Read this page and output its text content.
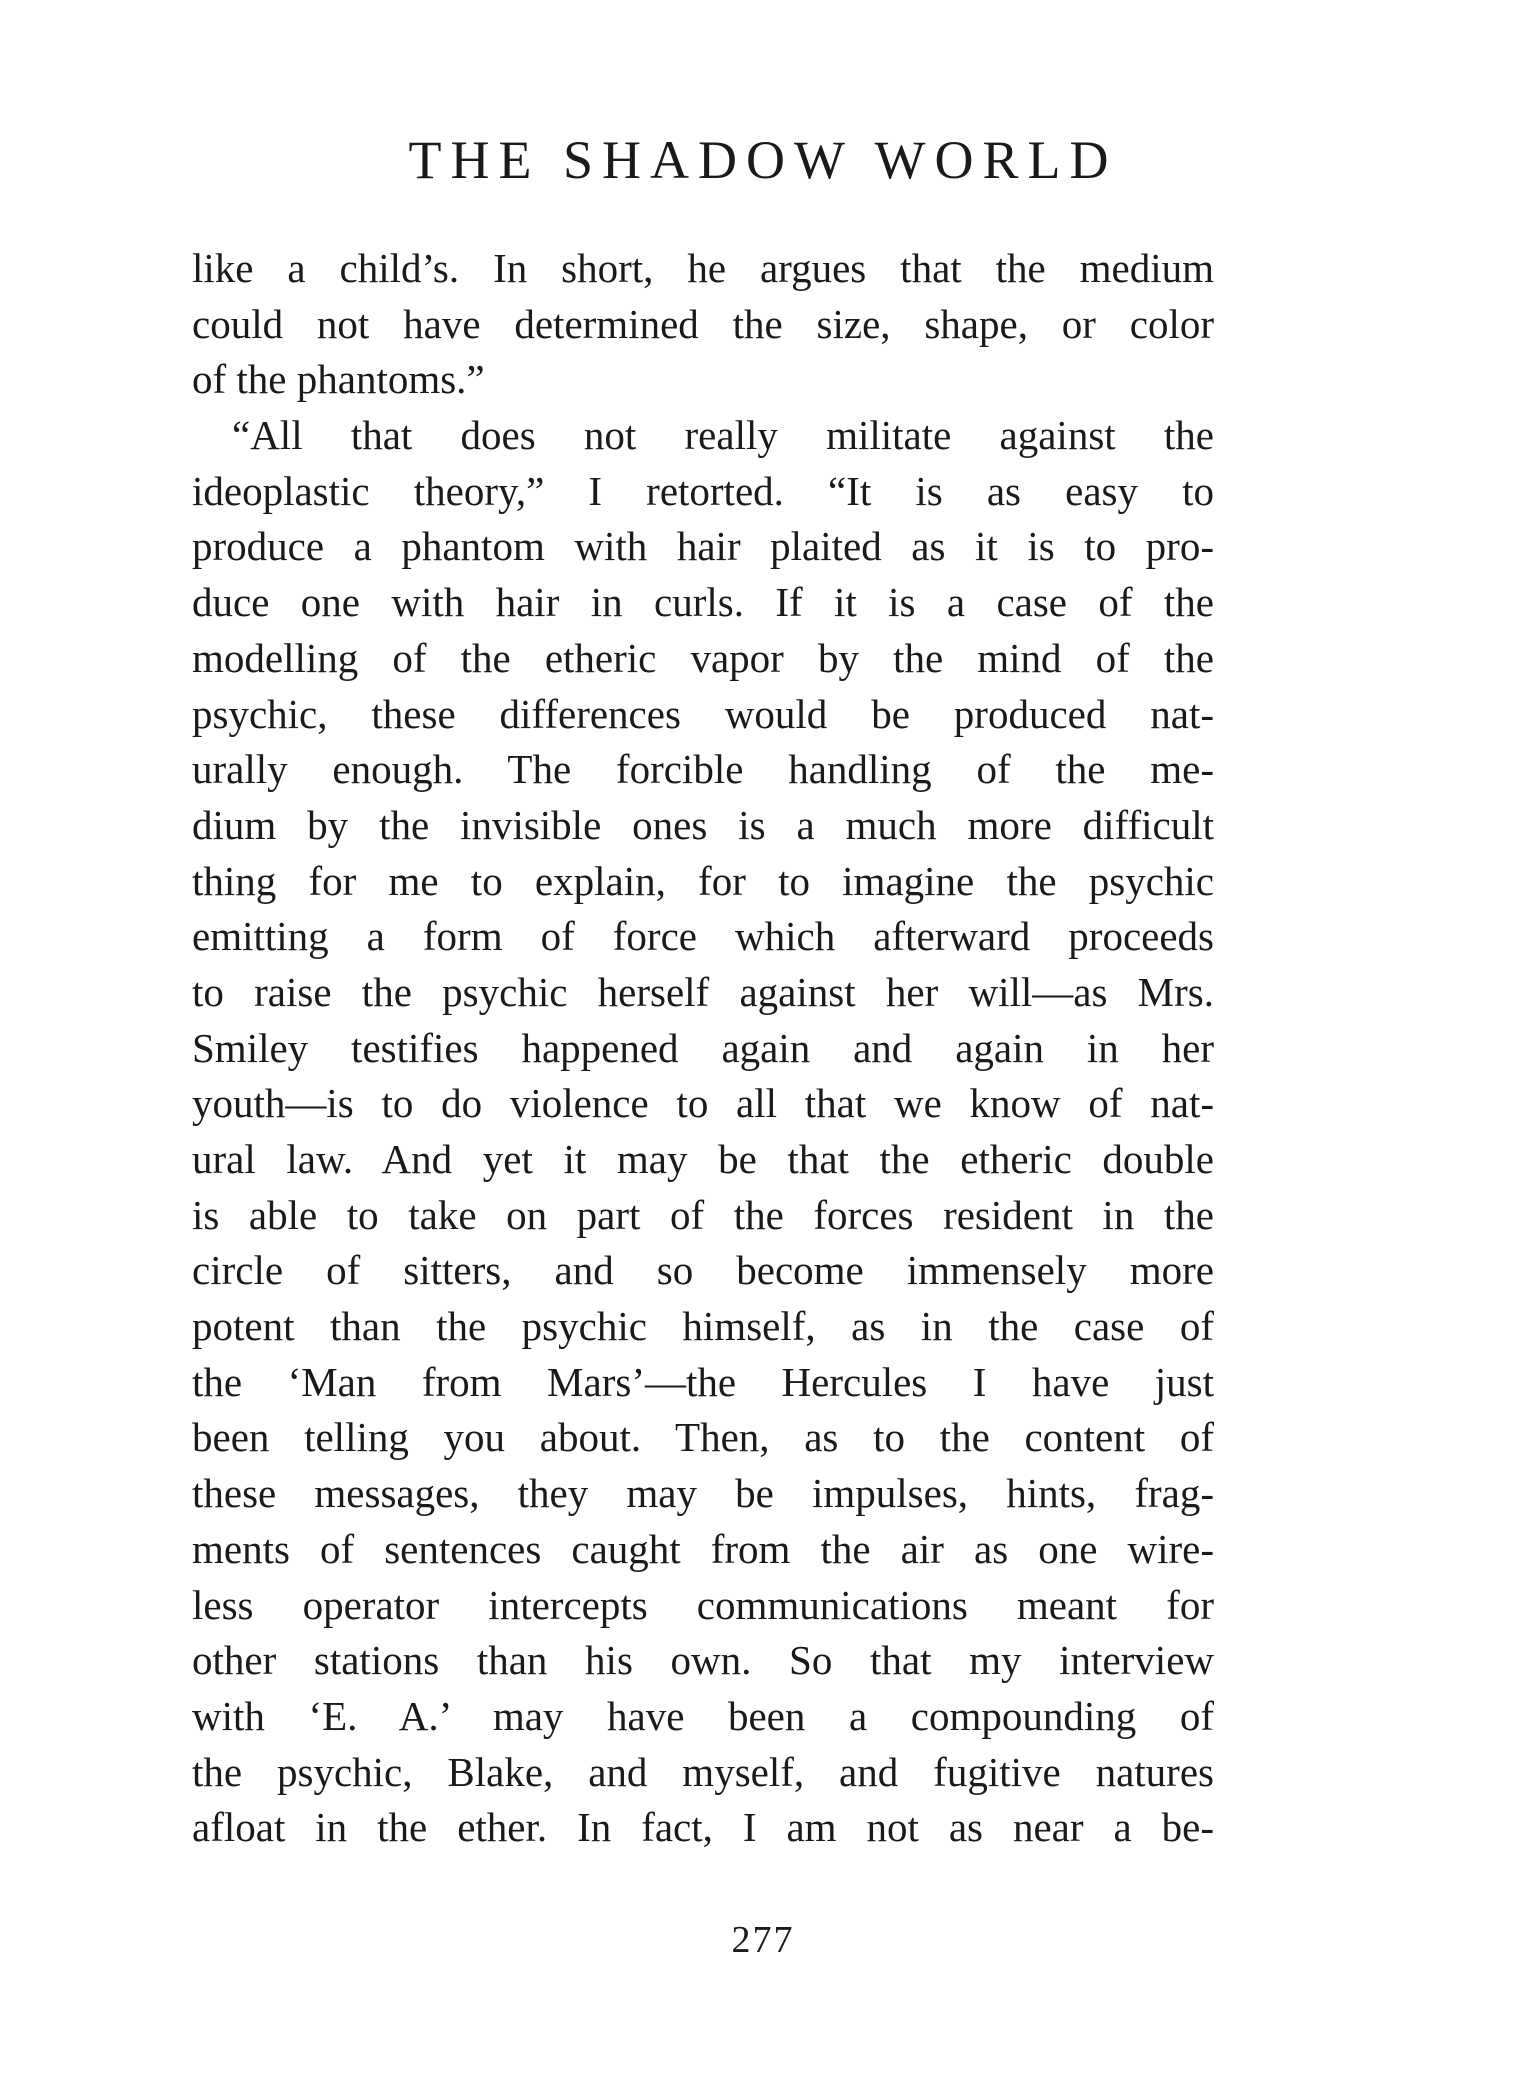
THE SHADOW WORLD
like a child’s. In short, he argues that the medium
could not have determined the size, shape, or color
of the phantoms.”
“All that does not really militate against the
ideoplastic theory,” I retorted. “It is as easy to
produce a phantom with hair plaited as it is to pro-
duce one with hair in curls. If it is a case of the
modelling of the etheric vapor by the mind of the
psychic, these differences would be produced nat-
urally enough. The forcible handling of the me-
dium by the invisible ones is a much more difficult
thing for me to explain, for to imagine the psychic
emitting a form of force which afterward proceeds
to raise the psychic herself against her will—as Mrs.
Smiley testifies happened again and again in her
youth—is to do violence to all that we know of nat-
ural law. And yet it may be that the etheric double
is able to take on part of the forces resident in the
circle of sitters, and so become immensely more
potent than the psychic himself, as in the case of
the ‘Man from Mars’—the Hercules I have just
been telling you about. Then, as to the content of
these messages, they may be impulses, hints, frag-
ments of sentences caught from the air as one wire-
less operator intercepts communications meant for
other stations than his own. So that my interview
with ‘E. A.’ may have been a compounding of
the psychic, Blake, and myself, and fugitive natures
afloat in the ether. In fact, I am not as near a be-
277
